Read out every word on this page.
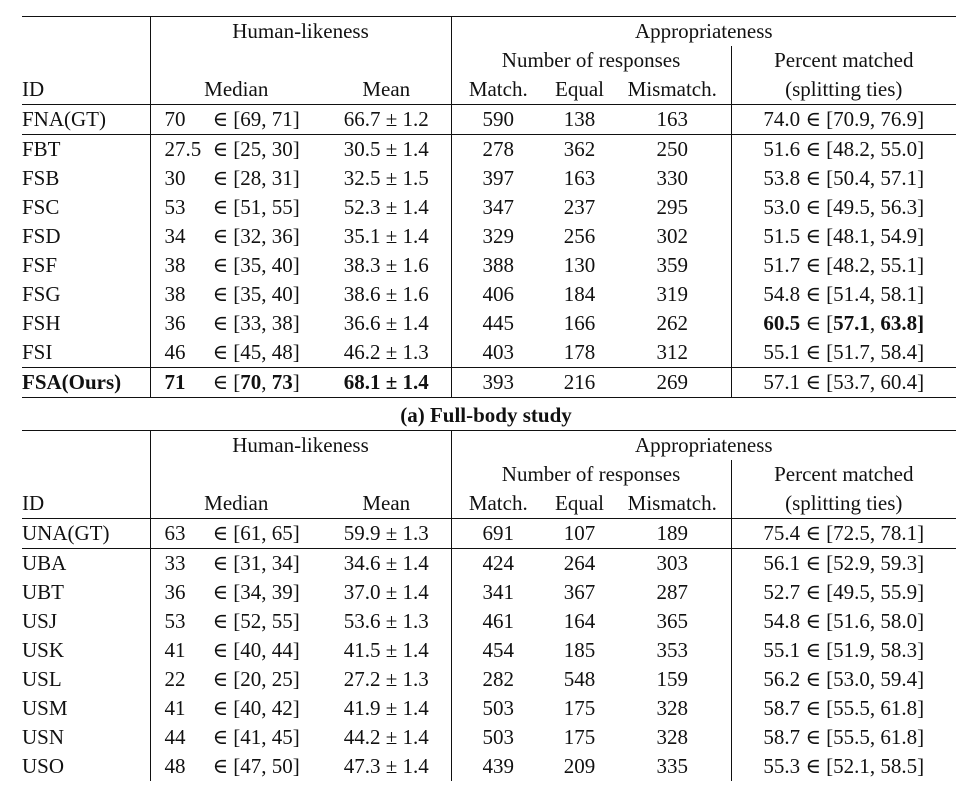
	Human-likeness		Appropriateness			
			Number of responses			Percent matched
ID	Median	Mean	Match.	Equal	Mismatch.	(splitting ties)
FNA(GT)	70 ∈ [69, 71]	66.7 ± 1.2	590	138	163	74.0 ∈ [70.9, 76.9]
FBT	27.5 ∈ [25, 30]	30.5 ± 1.4	278	362	250	51.6 ∈ [48.2, 55.0]
FSB	30 ∈ [28, 31]	32.5 ± 1.5	397	163	330	53.8 ∈ [50.4, 57.1]
FSC	53 ∈ [51, 55]	52.3 ± 1.4	347	237	295	53.0 ∈ [49.5, 56.3]
FSD	34 ∈ [32, 36]	35.1 ± 1.4	329	256	302	51.5 ∈ [48.1, 54.9]
FSF	38 ∈ [35, 40]	38.3 ± 1.6	388	130	359	51.7 ∈ [48.2, 55.1]
FSG	38 ∈ [35, 40]	38.6 ± 1.6	406	184	319	54.8 ∈ [51.4, 58.1]
FSH	36 ∈ [33, 38]	36.6 ± 1.4	445	166	262	60.5 ∈ [57.1, 63.8]
FSI	46 ∈ [45, 48]	46.2 ± 1.3	403	178	312	55.1 ∈ [51.7, 58.4]
FSA(Ours)	71 ∈ [70, 73]	68.1 ± 1.4	393	216	269	57.1 ∈ [53.7, 60.4]
(a) Full-body study
	Human-likeness		Appropriateness			
			Number of responses			Percent matched
ID	Median	Mean	Match.	Equal	Mismatch.	(splitting ties)
UNA(GT)	63 ∈ [61, 65]	59.9 ± 1.3	691	107	189	75.4 ∈ [72.5, 78.1]
UBA	33 ∈ [31, 34]	34.6 ± 1.4	424	264	303	56.1 ∈ [52.9, 59.3]
UBT	36 ∈ [34, 39]	37.0 ± 1.4	341	367	287	52.7 ∈ [49.5, 55.9]
USJ	53 ∈ [52, 55]	53.6 ± 1.3	461	164	365	54.8 ∈ [51.6, 58.0]
USK	41 ∈ [40, 44]	41.5 ± 1.4	454	185	353	55.1 ∈ [51.9, 58.3]
USL	22 ∈ [20, 25]	27.2 ± 1.3	282	548	159	56.2 ∈ [53.0, 59.4]
USM	41 ∈ [40, 42]	41.9 ± 1.4	503	175	328	58.7 ∈ [55.5, 61.8]
USN	44 ∈ [41, 45]	44.2 ± 1.4	503	175	328	58.7 ∈ [55.5, 61.8]
USO	48 ∈ [47, 50]	47.3 ± 1.4	439	209	335	55.3 ∈ [52.1, 58.5]
